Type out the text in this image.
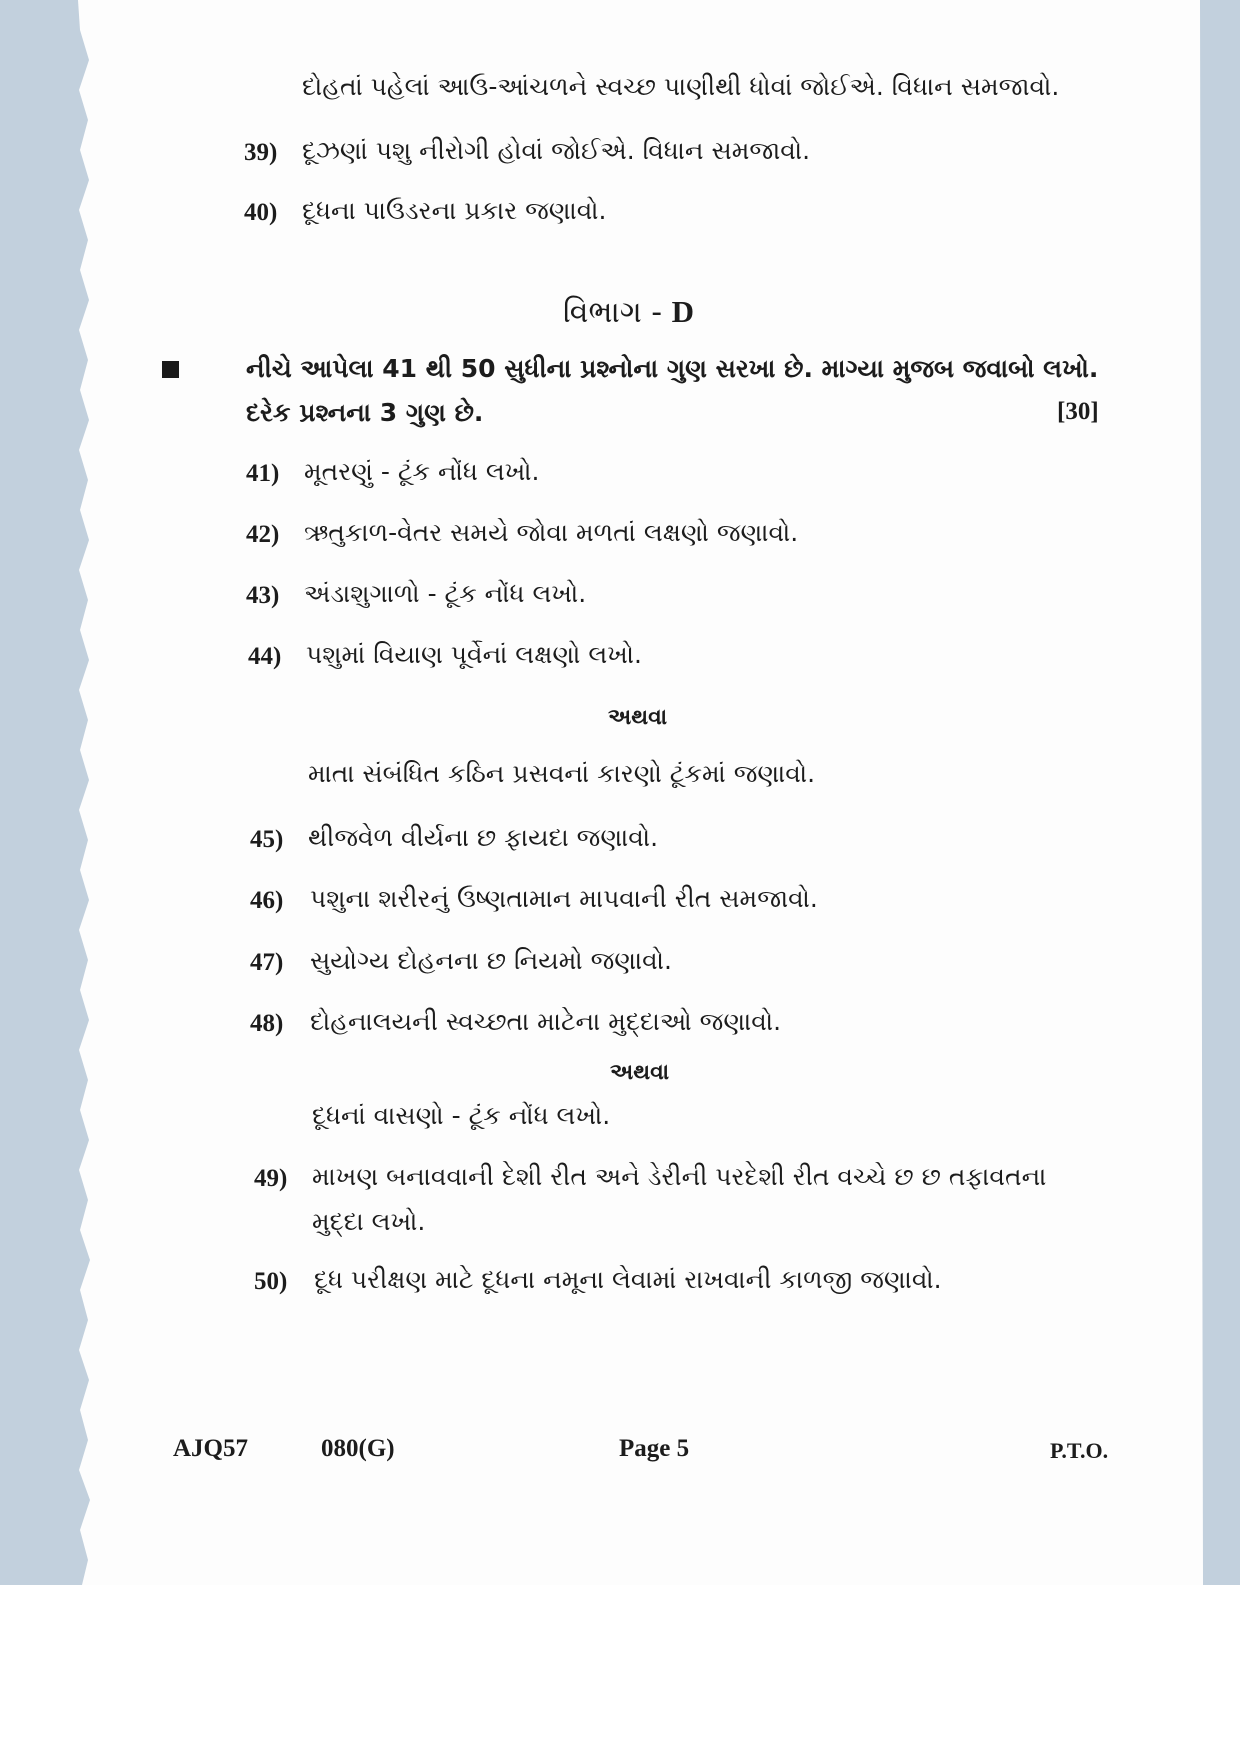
દોહતાં પહેલાં આઉ-આંચળને સ્વચ્છ પાણીથી ધોવાં જોઈએ. વિધાન સમજાવો.
39) દૂઝણાં પશુ નીરોગી હોવાં જોઈએ. વિધાન સમજાવો.
40) દૂધના પાઉડરના પ્રકાર જણાવો.
વિભાગ - D
નીચે આપેલા 41 થી 50 સુધીના પ્રશ્નોના ગુણ સરખા છે. માગ્યા મુજબ જવાબો લખો.
દરેક પ્રશ્નના 3 ગુણ છે.	[30]
41) મૂતરણું - ટૂંક નોંધ લખો.
42) ઋતુકાળ-વેતર સમયે જોવા મળતાં લક્ષણો જણાવો.
43) અંડાશુગાળો - ટૂંક નોંધ લખો.
44) પશુમાં વિયાણ પૂર્વેનાં લક્ષણો લખો.
અથવા
માતા સંબંધિત કઠિન પ્રસવનાં કારણો ટૂંકમાં જણાવો.
45) થીજવેળ વીર્યના છ ફાયદા જણાવો.
46) પશુના શરીરનું ઉષ્ણતામાન માપવાની રીત સમજાવો.
47) સુયોગ્ય દોહનના છ નિયમો જણાવો.
48) દોહનાલયની સ્વચ્છતા માટેના મુદ્દાઓ જણાવો.
અથવા
દૂધનાં વાસણો - ટૂંક નોંધ લખો.
49) માખણ બનાવવાની દેશી રીત અને ડેરીની પરદેશી રીત વચ્ચે છ છ તફાવતના
મુદ્દા લખો.
50) દૂધ પરીક્ષણ માટે દૂધના નમૂના લેવામાં રાખવાની કાળજી જણાવો.
AJQ57	080(G)	Page 5	P.T.O.
